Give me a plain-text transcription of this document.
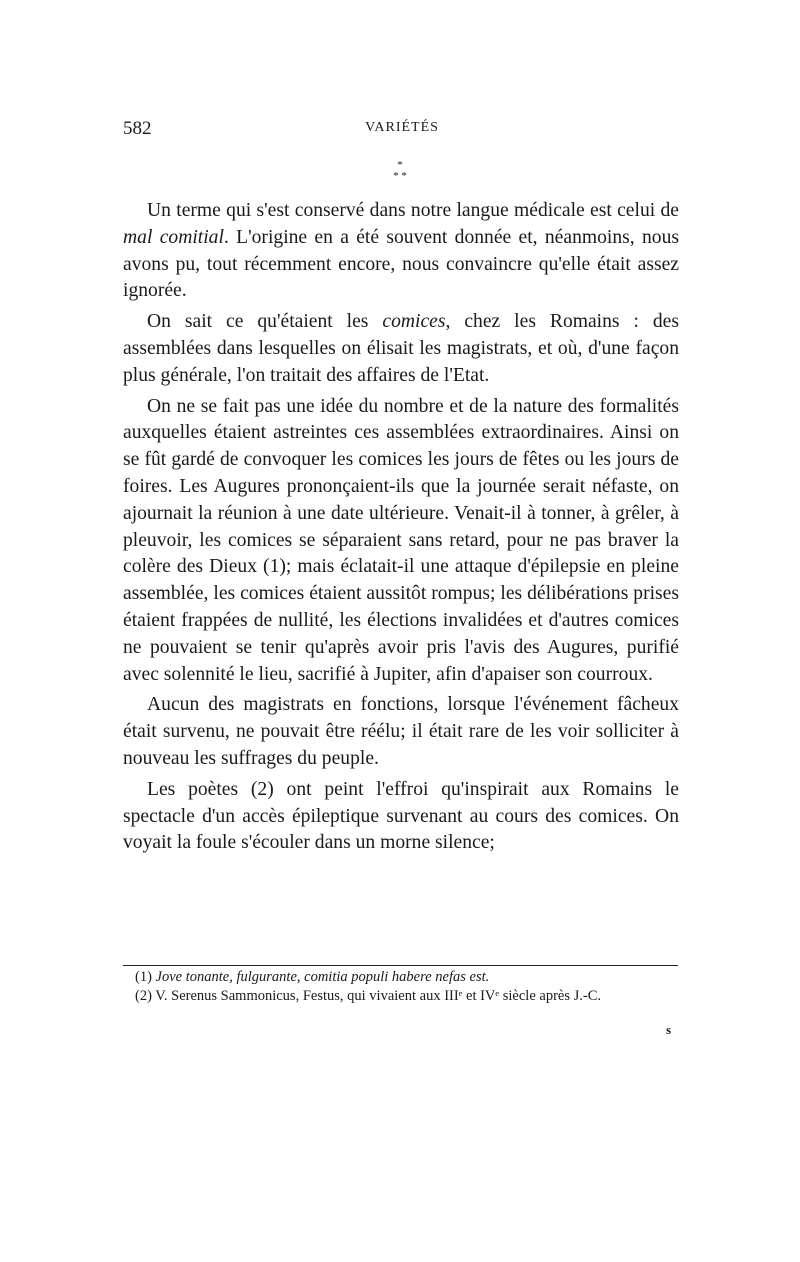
582	VARIÉTÉS
*
* *

Un terme qui s'est conservé dans notre langue médicale est celui de mal comitial. L'origine en a été souvent donnée et, néanmoins, nous avons pu, tout récemment encore, nous convaincre qu'elle était assez ignorée.

On sait ce qu'étaient les comices, chez les Romains : des assemblées dans lesquelles on élisait les magistrats, et où, d'une façon plus générale, l'on traitait des affaires de l'Etat.

On ne se fait pas une idée du nombre et de la nature des formalités auxquelles étaient astreintes ces assemblées extraordinaires. Ainsi on se fût gardé de convoquer les comices les jours de fêtes ou les jours de foires. Les Augures prononçaient-ils que la journée serait néfaste, on ajournait la réunion à une date ultérieure. Venait-il à tonner, à grêler, à pleuvoir, les comices se séparaient sans retard, pour ne pas braver la colère des Dieux (1); mais éclatait-il une attaque d'épilepsie en pleine assemblée, les comices étaient aussitôt rompus; les délibérations prises étaient frappées de nullité, les élections invalidées et d'autres comices ne pouvaient se tenir qu'après avoir pris l'avis des Augures, purifié avec solennité le lieu, sacrifié à Jupiter, afin d'apaiser son courroux.

Aucun des magistrats en fonctions, lorsque l'événement fâcheux était survenu, ne pouvait être réélu; il était rare de les voir solliciter à nouveau les suffrages du peuple.

Les poètes (2) ont peint l'effroi qu'inspirait aux Romains le spectacle d'un accès épileptique survenant au cours des comices. On voyait la foule s'écouler dans un morne silence;

(1) Jove tonante, fulgurante, comitia populi habere nefas est.

(2) V. Serenus Sammonicus, Festus, qui vivaient aux IIIᵉ et IVᵉ siècle après J.-C.

s
